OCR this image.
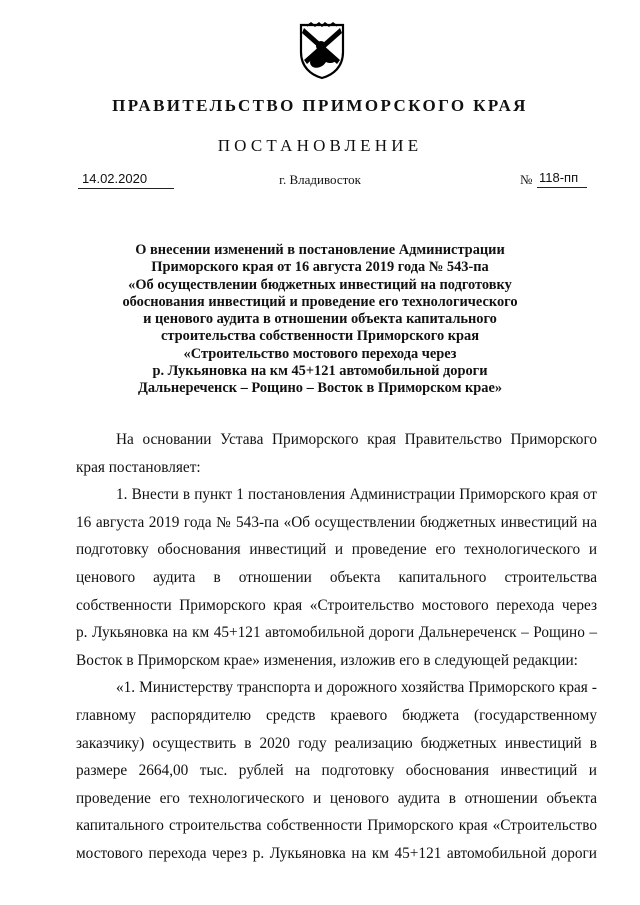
ПРАВИТЕЛЬСТВО ПРИМОРСКОГО КРАЯ
ПОСТАНОВЛЕНИЕ
14.02.2020	г. Владивосток	№ 118-пп
О внесении изменений в постановление Администрации
Приморского края от 16 августа 2019 года № 543-па
«Об осуществлении бюджетных инвестиций на подготовку
обоснования инвестиций и проведение его технологического
и ценового аудита в отношении объекта капитального
строительства собственности Приморского края
«Строительство мостового перехода через
р. Лукьяновка на км 45+121 автомобильной дороги
Дальнереченск – Рощино – Восток в Приморском крае»
На основании Устава Приморского края Правительство Приморского
края постановляет:
1. Внести в пункт 1 постановления Администрации Приморского края от
16 августа 2019 года № 543-па «Об осуществлении бюджетных инвестиций на
подготовку обоснования инвестиций и проведение его технологического и
ценового аудита в отношении объекта капитального строительства
собственности Приморского края «Строительство мостового перехода через
р. Лукьяновка на км 45+121 автомобильной дороги Дальнереченск – Рощино –
Восток в Приморском крае» изменения, изложив его в следующей редакции:
«1. Министерству транспорта и дорожного хозяйства Приморского края -
главному распорядителю средств краевого бюджета (государственному
заказчику) осуществить в 2020 году реализацию бюджетных инвестиций в
размере 2664,00 тыс. рублей на подготовку обоснования инвестиций и
проведение его технологического и ценового аудита в отношении объекта
капитального строительства собственности Приморского края «Строительство
мостового перехода через р. Лукьяновка на км 45+121 автомобильной дороги
